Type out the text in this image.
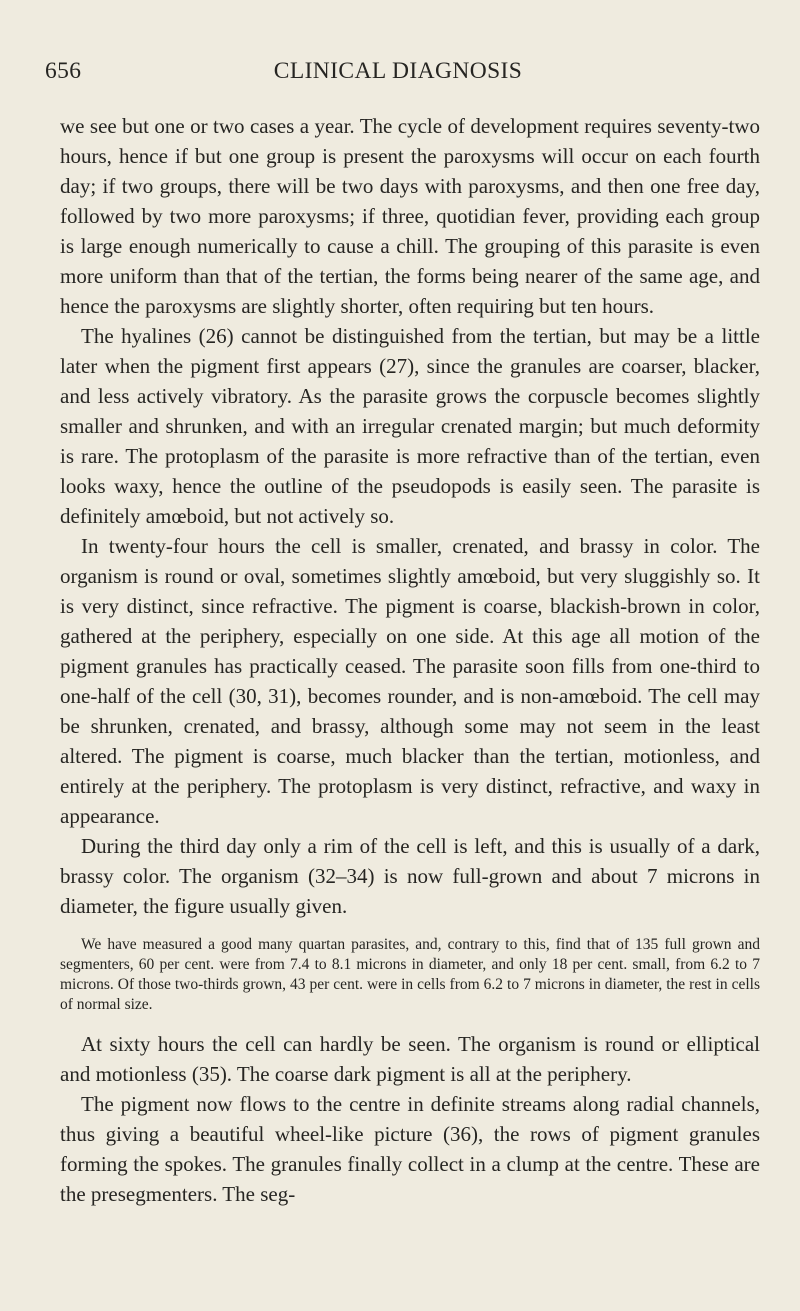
656	CLINICAL DIAGNOSIS

we see but one or two cases a year. The cycle of development requires seventy-two hours, hence if but one group is present the paroxysms will occur on each fourth day; if two groups, there will be two days with paroxysms, and then one free day, followed by two more paroxysms; if three, quotidian fever, providing each group is large enough numerically to cause a chill. The grouping of this parasite is even more uniform than that of the tertian, the forms being nearer of the same age, and hence the paroxysms are slightly shorter, often requiring but ten hours.

The hyalines (26) cannot be distinguished from the tertian, but may be a little later when the pigment first appears (27), since the granules are coarser, blacker, and less actively vibratory. As the parasite grows the corpuscle becomes slightly smaller and shrunken, and with an irregular crenated margin; but much deformity is rare. The protoplasm of the parasite is more refractive than of the tertian, even looks waxy, hence the outline of the pseudopods is easily seen. The parasite is definitely amœboid, but not actively so.

In twenty-four hours the cell is smaller, crenated, and brassy in color. The organism is round or oval, sometimes slightly amœboid, but very sluggishly so. It is very distinct, since refractive. The pigment is coarse, blackish-brown in color, gathered at the periphery, especially on one side. At this age all motion of the pigment granules has practically ceased. The parasite soon fills from one-third to one-half of the cell (30, 31), becomes rounder, and is non-amœboid. The cell may be shrunken, crenated, and brassy, although some may not seem in the least altered. The pigment is coarse, much blacker than the tertian, motionless, and entirely at the periphery. The protoplasm is very distinct, refractive, and waxy in appearance.

During the third day only a rim of the cell is left, and this is usually of a dark, brassy color. The organism (32–34) is now full-grown and about 7 microns in diameter, the figure usually given.

We have measured a good many quartan parasites, and, contrary to this, find that of 135 full grown and segmenters, 60 per cent. were from 7.4 to 8.1 microns in diameter, and only 18 per cent. small, from 6.2 to 7 microns. Of those two-thirds grown, 43 per cent. were in cells from 6.2 to 7 microns in diameter, the rest in cells of normal size.

At sixty hours the cell can hardly be seen. The organism is round or elliptical and motionless (35). The coarse dark pigment is all at the periphery.

The pigment now flows to the centre in definite streams along radial channels, thus giving a beautiful wheel-like picture (36), the rows of pigment granules forming the spokes. The granules finally collect in a clump at the centre. These are the presegmenters. The seg-
